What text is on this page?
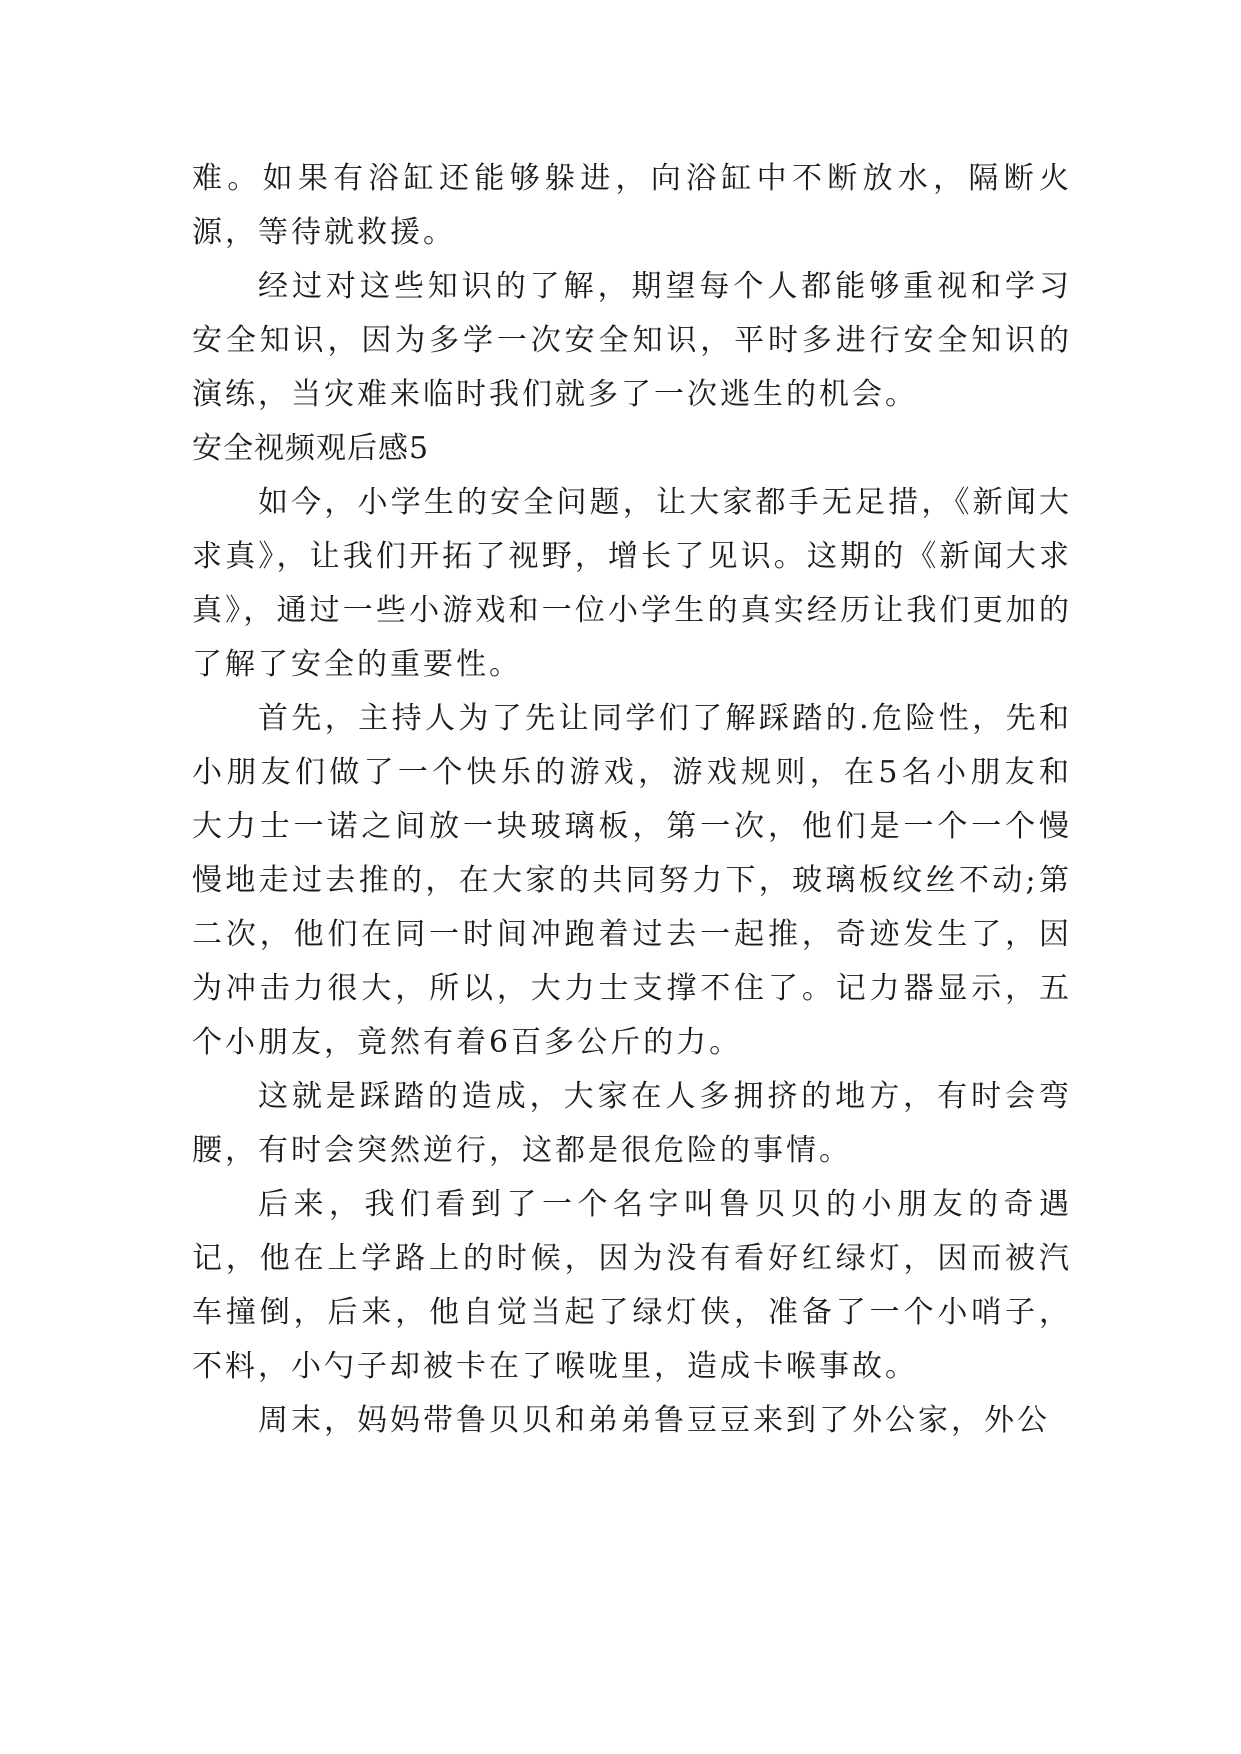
难。如果有浴缸还能够躲进，向浴缸中不断放水，隔断火源，等待就救援。

经过对这些知识的了解，期望每个人都能够重视和学习安全知识，因为多学一次安全知识，平时多进行安全知识的演练，当灾难来临时我们就多了一次逃生的机会。

安全视频观后感5

如今，小学生的安全问题，让大家都手无足措，《新闻大求真》，让我们开拓了视野，增长了见识。这期的《新闻大求真》，通过一些小游戏和一位小学生的真实经历让我们更加的了解了安全的重要性。

首先，主持人为了先让同学们了解踩踏的.危险性，先和小朋友们做了一个快乐的游戏，游戏规则，在5名小朋友和大力士一诺之间放一块玻璃板，第一次，他们是一个一个慢慢地走过去推的，在大家的共同努力下，玻璃板纹丝不动;第二次，他们在同一时间冲跑着过去一起推，奇迹发生了，因为冲击力很大，所以，大力士支撑不住了。记力器显示，五个小朋友，竟然有着6百多公斤的力。

这就是踩踏的造成，大家在人多拥挤的地方，有时会弯腰，有时会突然逆行，这都是很危险的事情。

后来，我们看到了一个名字叫鲁贝贝的小朋友的奇遇记，他在上学路上的时候，因为没有看好红绿灯，因而被汽车撞倒，后来，他自觉当起了绿灯侠，准备了一个小哨子，不料，小勺子却被卡在了喉咙里，造成卡喉事故。

周末，妈妈带鲁贝贝和弟弟鲁豆豆来到了外公家，外公
